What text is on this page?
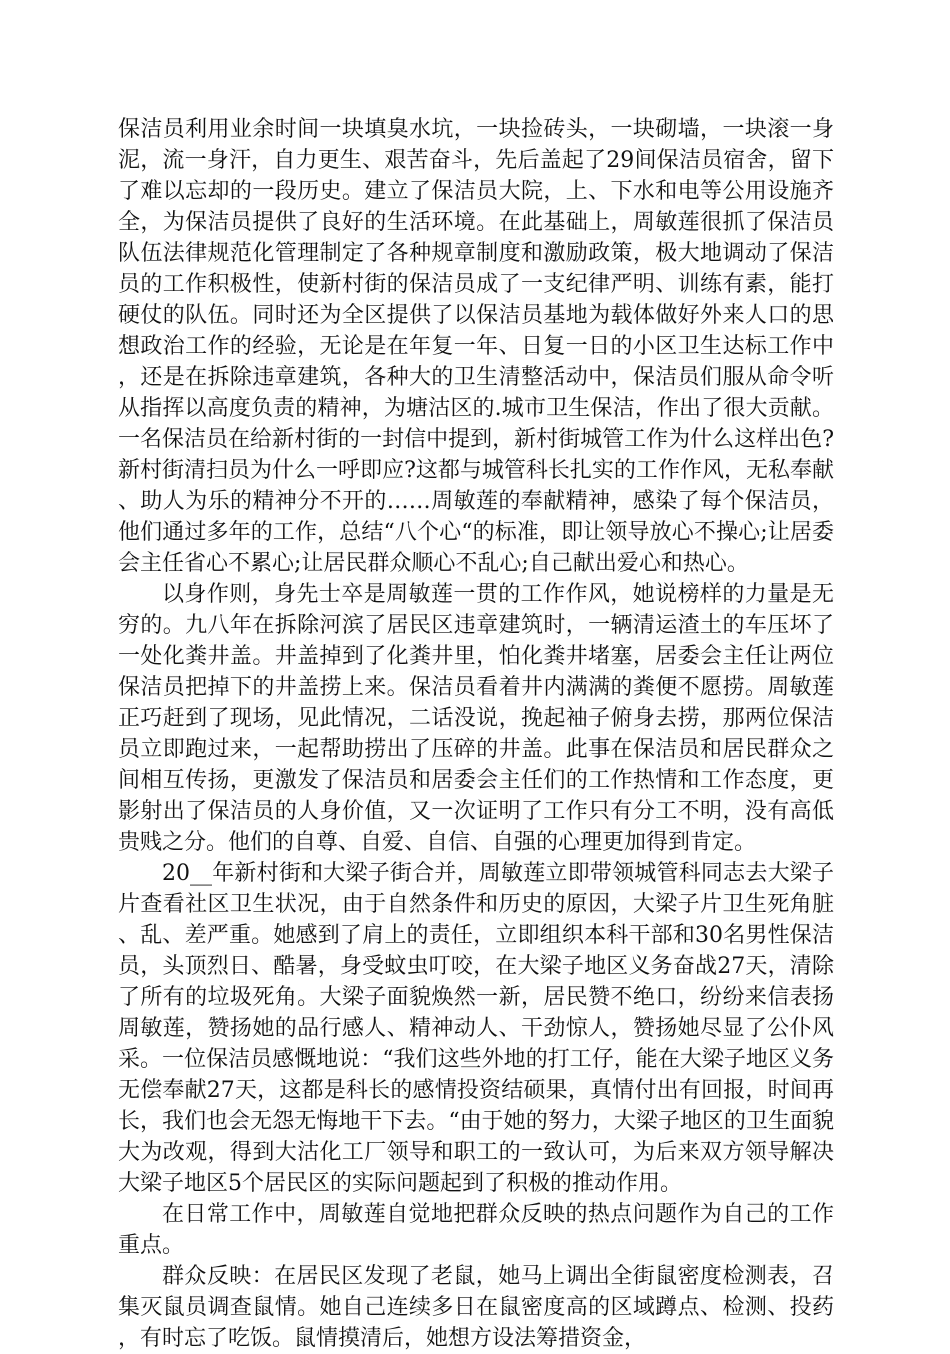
保洁员利用业余时间一块填臭水坑，一块捡砖头，一块砌墙，一块滚一身泥，流一身汗，自力更生、艰苦奋斗，先后盖起了29间保洁员宿舍，留下了难以忘却的一段历史。建立了保洁员大院，上、下水和电等公用设施齐全，为保洁员提供了良好的生活环境。在此基础上，周敏莲很抓了保洁员队伍法律规范化管理制定了各种规章制度和激励政策，极大地调动了保洁员的工作积极性，使新村街的保洁员成了一支纪律严明、训练有素，能打硬仗的队伍。同时还为全区提供了以保洁员基地为载体做好外来人口的思想政治工作的经验，无论是在年复一年、日复一日的小区卫生达标工作中，还是在拆除违章建筑，各种大的卫生清整活动中，保洁员们服从命令听从指挥以高度负责的精神，为塘沽区的.城市卫生保洁，作出了很大贡献。一名保洁员在给新村街的一封信中提到，新村街城管工作为什么这样出色?新村街清扫员为什么一呼即应?这都与城管科长扎实的工作作风，无私奉献、助人为乐的精神分不开的……周敏莲的奉献精神，感染了每个保洁员，他们通过多年的工作，总结“八个心“的标准，即让领导放心不操心;让居委会主任省心不累心;让居民群众顺心不乱心;自己献出爱心和热心。

以身作则，身先士卒是周敏莲一贯的工作作风，她说榜样的力量是无穷的。九八年在拆除河滨了居民区违章建筑时，一辆清运渣土的车压坏了一处化粪井盖。井盖掉到了化粪井里，怕化粪井堵塞，居委会主任让两位保洁员把掉下的井盖捞上来。保洁员看着井内满满的粪便不愿捞。周敏莲正巧赶到了现场，见此情况，二话没说，挽起袖子俯身去捞，那两位保洁员立即跑过来，一起帮助捞出了压碎的井盖。此事在保洁员和居民群众之间相互传扬，更激发了保洁员和居委会主任们的工作热情和工作态度，更影射出了保洁员的人身价值，又一次证明了工作只有分工不明，没有高低贵贱之分。他们的自尊、自爱、自信、自强的心理更加得到肯定。

20__年新村街和大梁子街合并，周敏莲立即带领城管科同志去大梁子片查看社区卫生状况，由于自然条件和历史的原因，大梁子片卫生死角脏、乱、差严重。她感到了肩上的责任，立即组织本科干部和30名男性保洁员，头顶烈日、酷暑，身受蚊虫叮咬，在大梁子地区义务奋战27天，清除了所有的垃圾死角。大梁子面貌焕然一新，居民赞不绝口，纷纷来信表扬周敏莲，赞扬她的品行感人、精神动人、干劲惊人，赞扬她尽显了公仆风采。一位保洁员感慨地说：“我们这些外地的打工仔，能在大梁子地区义务无偿奉献27天，这都是科长的感情投资结硕果，真情付出有回报，时间再长，我们也会无怨无悔地干下去。“由于她的努力，大梁子地区的卫生面貌大为改观，得到大沽化工厂领导和职工的一致认可，为后来双方领导解决大梁子地区5个居民区的实际问题起到了积极的推动作用。

在日常工作中，周敏莲自觉地把群众反映的热点问题作为自己的工作重点。

群众反映：在居民区发现了老鼠，她马上调出全街鼠密度检测表，召集灭鼠员调查鼠情。她自己连续多日在鼠密度高的区域蹲点、检测、投药，有时忘了吃饭。鼠情摸清后，她想方设法筹措资金，
